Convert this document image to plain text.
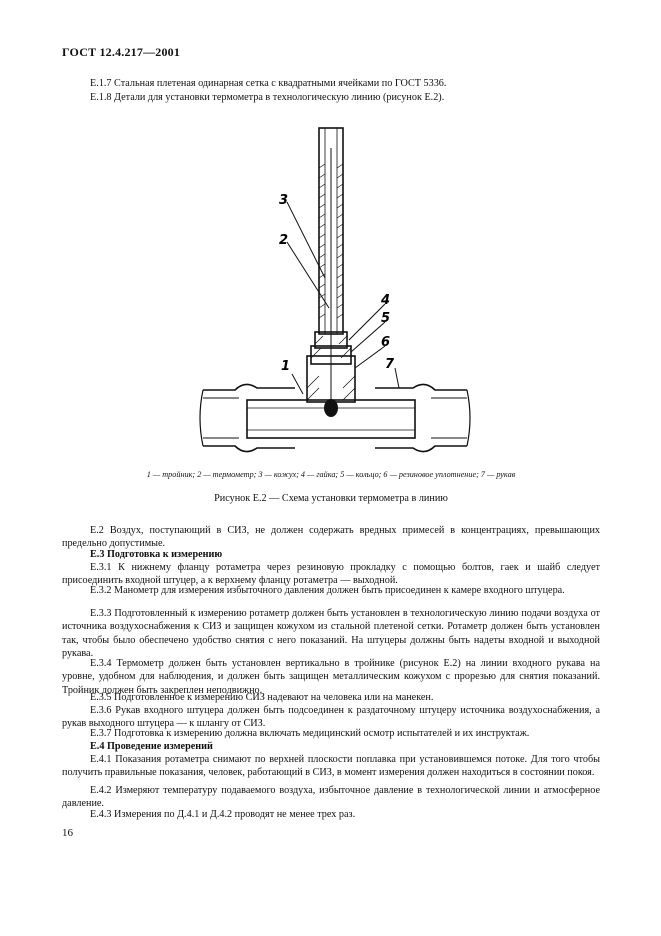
ГОСТ 12.4.217—2001

Е.1.7 Стальная плетеная одинарная сетка с квадратными ячейками по ГОСТ 5336.

Е.1.8 Детали для установки термометра в технологическую линию (рисунок Е.2).

3
2
4
5
6
1	7
1 — тройник; 2 — термометр; 3 — кожух; 4 — гайка; 5 — кольцо; 6 — резиновое уплотнение; 7 — рукав
Рисунок Е.2 — Схема установки термометра в линию

Е.2 Воздух, поступающий в СИЗ, не должен содержать вредных примесей в концентрациях, превышающих предельно допустимые.

Е.3 Подготовка к измерению

Е.3.1 К нижнему фланцу ротаметра через резиновую прокладку с помощью болтов, гаек и шайб следует присоединить входной штуцер, а к верхнему фланцу ротаметра — выходной.

Е.3.2 Манометр для измерения избыточного давления должен быть присоединен к камере входного штуцера.

Е.3.3 Подготовленный к измерению ротаметр должен быть установлен в технологическую линию подачи воздуха от источника воздухоснабжения к СИЗ и защищен кожухом из стальной плетеной сетки. Ротаметр должен быть установлен так, чтобы было обеспечено удобство снятия с него показаний. На штуцеры должны быть надеты входной и выходной рукава.

Е.3.4 Термометр должен быть установлен вертикально в тройнике (рисунок Е.2) на линии входного рукава на уровне, удобном для наблюдения, и должен быть защищен металлическим кожухом с прорезью для снятия показаний. Тройник должен быть закреплен неподвижно.

Е.3.5 Подготовленное к измерению СИЗ надевают на человека или на манекен.

Е.3.6 Рукав входного штуцера должен быть подсоединен к раздаточному штуцеру источника воздухоснабжения, а рукав выходного штуцера — к шлангу от СИЗ.

Е.3.7 Подготовка к измерению должна включать медицинский осмотр испытателей и их инструктаж.

Е.4 Проведение измерений

Е.4.1 Показания ротаметра снимают по верхней плоскости поплавка при установившемся потоке. Для того чтобы получить правильные показания, человек, работающий в СИЗ, в момент измерения должен находиться в состоянии покоя.

Е.4.2 Измеряют температуру подаваемого воздуха, избыточное давление в технологической линии и атмосферное давление.

Е.4.3 Измерения по Д.4.1 и Д.4.2 проводят не менее трех раз.

16
